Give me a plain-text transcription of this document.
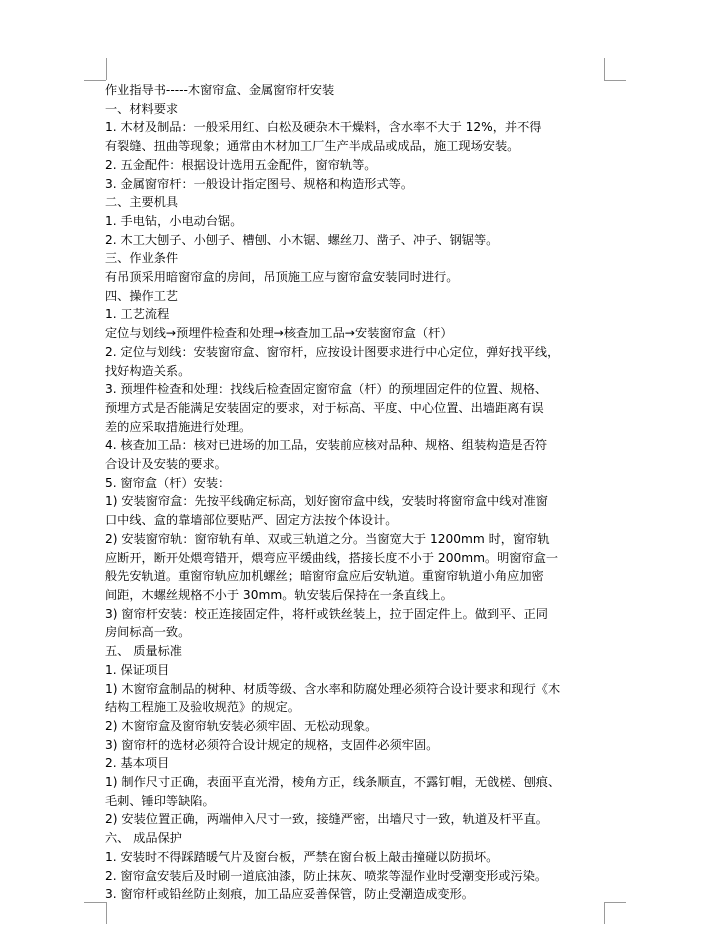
作业指导书-----木窗帘盒、金属窗帘杆安装
一、材料要求
1. 木材及制品：一般采用红、白松及硬杂木干燥料，含水率不大于 12%，并不得
有裂缝、扭曲等现象；通常由木材加工厂生产半成品或成品，施工现场安装。
2. 五金配件：根据设计选用五金配件，窗帘轨等。
3. 金属窗帘杆：一般设计指定图号、规格和构造形式等。
二、主要机具
1. 手电钻，小电动台锯。
2. 木工大刨子、小刨子、槽刨、小木锯、螺丝刀、凿子、冲子、钢锯等。
三、作业条件
有吊顶采用暗窗帘盒的房间，吊顶施工应与窗帘盒安装同时进行。
四、操作工艺
1. 工艺流程
定位与划线→预埋件检查和处理→核查加工品→安装窗帘盒（杆）
2. 定位与划线：安装窗帘盒、窗帘杆，应按设计图要求进行中心定位，弹好找平线，
找好构造关系。
3. 预埋件检查和处理：找线后检查固定窗帘盒（杆）的预埋固定件的位置、规格、
预埋方式是否能满足安装固定的要求，对于标高、平度、中心位置、出墙距离有误
差的应采取措施进行处理。
4. 核查加工品：核对已进场的加工品，安装前应核对品种、规格、组装构造是否符
合设计及安装的要求。
5. 窗帘盒（杆）安装：
1) 安装窗帘盒：先按平线确定标高，划好窗帘盒中线，安装时将窗帘盒中线对准窗
口中线、盒的靠墙部位要贴严、固定方法按个体设计。
2) 安装窗帘轨：窗帘轨有单、双或三轨道之分。当窗宽大于 1200mm 时，窗帘轨
应断开，断开处煨弯错开，煨弯应平缓曲线，搭接长度不小于 200mm。明窗帘盒一
般先安轨道。重窗帘轨应加机螺丝；暗窗帘盒应后安轨道。重窗帘轨道小角应加密
间距，木螺丝规格不小于 30mm。轨安装后保持在一条直线上。
3) 窗帘杆安装：校正连接固定件，将杆或铁丝装上，拉于固定件上。做到平、正同
房间标高一致。
五、 质量标准
1. 保证项目
1) 木窗帘盒制品的树种、材质等级、含水率和防腐处理必须符合设计要求和现行《木
结构工程施工及验收规范》的规定。
2) 木窗帘盒及窗帘轨安装必须牢固、无松动现象。
3) 窗帘杆的选材必须符合设计规定的规格，支固件必须牢固。
2. 基本项目
1) 制作尺寸正确，表面平直光滑，棱角方正，线条顺直，不露钉帽，无戗槎、刨痕、
毛刺、锤印等缺陷。
2) 安装位置正确，两端伸入尺寸一致，接缝严密，出墙尺寸一致，轨道及杆平直。
六、 成品保护
1. 安装时不得踩踏暖气片及窗台板，严禁在窗台板上敲击撞碰以防损坏。
2. 窗帘盒安装后及时刷一道底油漆，防止抹灰、喷浆等湿作业时受潮变形或污染。
3. 窗帘杆或铅丝防止刻痕，加工品应妥善保管，防止受潮造成变形。
